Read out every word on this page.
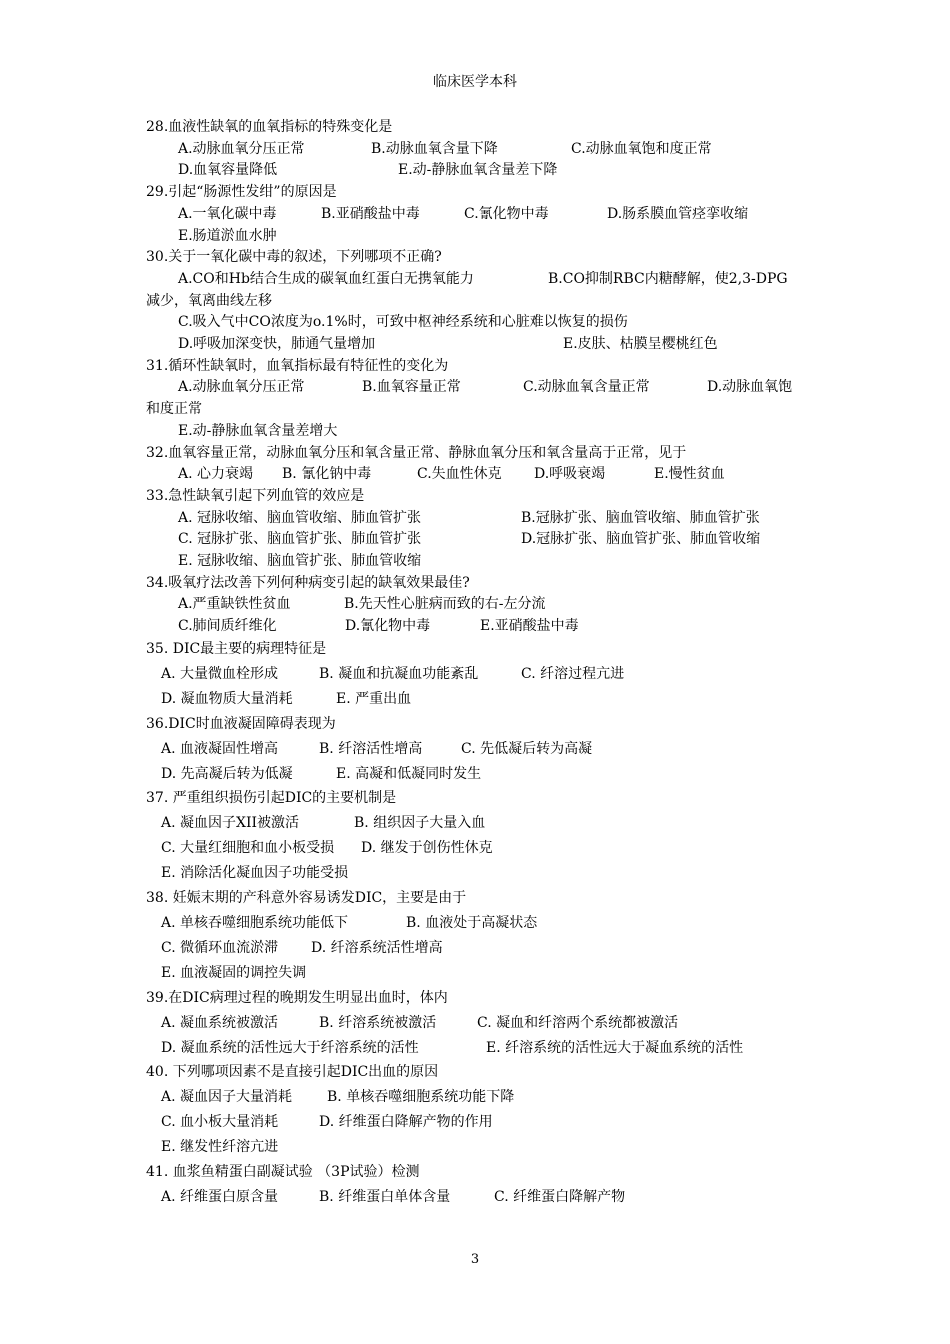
临床医学本科
28.血液性缺氧的血氧指标的特殊变化是
A.动脉血氧分压正常	B.动脉血氧含量下降	C.动脉血氧饱和度正常
D.血氧容量降低	E.动-静脉血氧含量差下降
29.引起“肠源性发绀”的原因是
A.一氧化碳中毒	B.亚硝酸盐中毒	C.氰化物中毒	D.肠系膜血管痉挛收缩
E.肠道淤血水肿
30.关于一氧化碳中毒的叙述，下列哪项不正确?
A.CO和Hb结合生成的碳氧血红蛋白无携氧能力	B.CO抑制RBC内糖酵解，使2,3-DPG
减少，氧离曲线左移
C.吸入气中CO浓度为o.1%时，可致中枢神经系统和心脏难以恢复的损伤
D.呼吸加深变快，肺通气量增加	E.皮肤、枯膜呈樱桃红色
31.循环性缺氧时，血氧指标最有特征性的变化为
A.动脉血氧分压正常	B.血氧容量正常	C.动脉血氧含量正常	D.动脉血氧饱
和度正常
E.动-静脉血氧含量差增大
32.血氧容量正常，动脉血氧分压和氧含量正常、静脉血氧分压和氧含量高于正常，见于
A. 心力衰竭	B. 氰化钠中毒	C.失血性休克	D.呼吸衰竭	E.慢性贫血
33.急性缺氧引起下列血管的效应是
A. 冠脉收缩、脑血管收缩、肺血管扩张	B.冠脉扩张、脑血管收缩、肺血管扩张
C. 冠脉扩张、脑血管扩张、肺血管扩张	D.冠脉扩张、脑血管扩张、肺血管收缩
E. 冠脉收缩、脑血管扩张、肺血管收缩
34.吸氧疗法改善下列何种病变引起的缺氧效果最佳?
A.严重缺铁性贫血	B.先天性心脏病而致的右-左分流
C.肺间质纤维化	D.氰化物中毒	E.亚硝酸盐中毒
35. DIC最主要的病理特征是
A. 大量微血栓形成	B. 凝血和抗凝血功能紊乱	C. 纤溶过程亢进
D. 凝血物质大量消耗	E. 严重出血
36.DIC时血液凝固障碍表现为
A. 血液凝固性增高	B. 纤溶活性增高	C. 先低凝后转为高凝
D. 先高凝后转为低凝	E. 高凝和低凝同时发生
37. 严重组织损伤引起DIC的主要机制是
A. 凝血因子XII被激活	B. 组织因子大量入血
C. 大量红细胞和血小板受损	D. 继发于创伤性休克
E. 消除活化凝血因子功能受损
38. 妊娠末期的产科意外容易诱发DIC，主要是由于
A. 单核吞噬细胞系统功能低下	B. 血液处于高凝状态
C. 微循环血流淤滞	D. 纤溶系统活性增高
E. 血液凝固的调控失调
39.在DIC病理过程的晚期发生明显出血时，体内
A. 凝血系统被激活	B. 纤溶系统被激活	C. 凝血和纤溶两个系统都被激活
D. 凝血系统的活性远大于纤溶系统的活性	E. 纤溶系统的活性远大于凝血系统的活性
40. 下列哪项因素不是直接引起DIC出血的原因
A. 凝血因子大量消耗	B. 单核吞噬细胞系统功能下降
C. 血小板大量消耗	D. 纤维蛋白降解产物的作用
E. 继发性纤溶亢进
41. 血浆鱼精蛋白副凝试验 （3P试验）检测
A. 纤维蛋白原含量	B. 纤维蛋白单体含量	C. 纤维蛋白降解产物
3
